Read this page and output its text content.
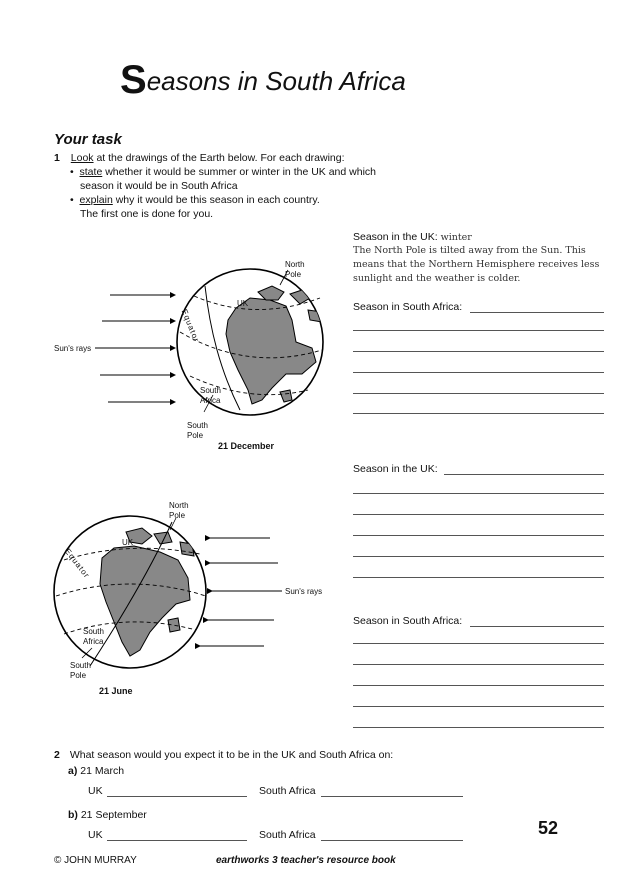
Seasons in South Africa
Your task
1 Look at the drawings of the Earth below. For each drawing:
•  state whether it would be summer or winter in the UK and which
season it would be in South Africa
•  explain why it would be this season in each country.
The first one is done for you.
North
Pole
UK
Equator
Sun's rays
South
Africa
South
Pole
21 December
Season in the UK: winter
The North Pole is tilted away from the Sun. This
means that the Northern Hemisphere receives less
sunlight and the weather is colder.
Season in South Africa:
Season in the UK:
North
Pole
UK
Equator
Sun's rays
South
Africa
South
Pole
21 June
Season in South Africa:
2 What season would you expect it to be in the UK and South Africa on:
a) 21 March
UK	South Africa
b) 21 September
UK	South Africa	52
© JOHN MURRAY	earthworks 3 teacher's resource book
